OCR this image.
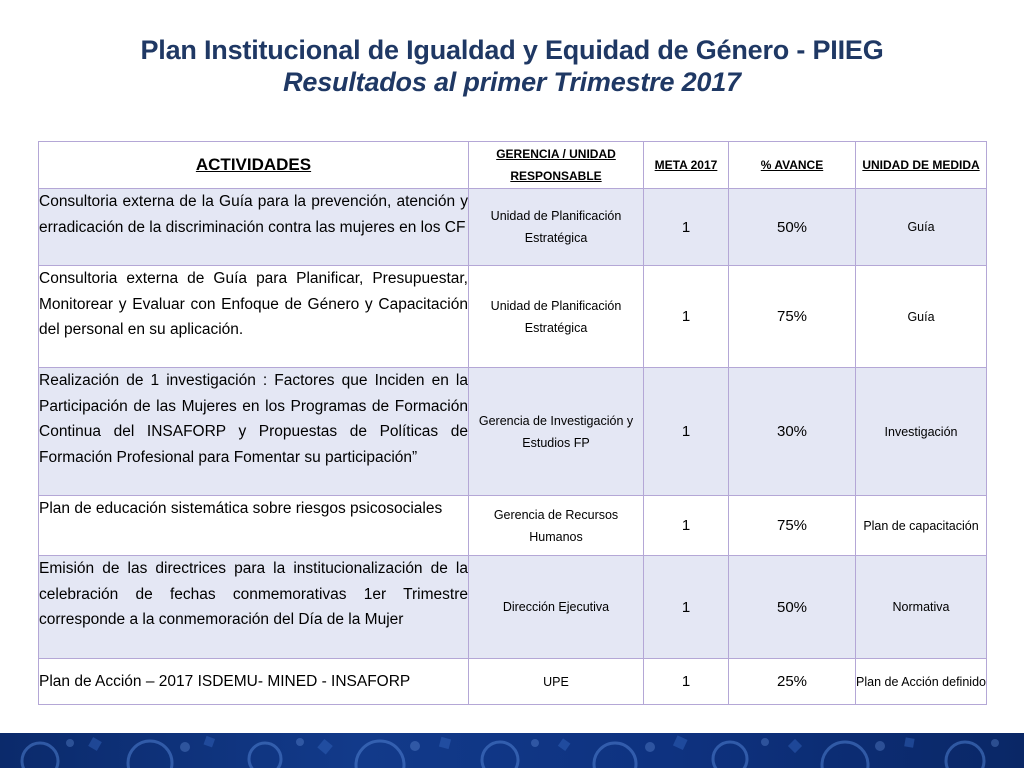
Plan Institucional de Igualdad y Equidad de Género - PIIEG
Resultados al primer Trimestre 2017
ACTIVIDADES	GERENCIA / UNIDAD RESPONSABLE	META 2017	% AVANCE	UNIDAD DE MEDIDA
Consultoria externa de la Guía para la prevención, atención y erradicación de la discriminación contra las mujeres en los CF	Unidad de Planificación Estratégica	1	50%	Guía
Consultoria externa de Guía para Planificar, Presupuestar, Monitorear y Evaluar con Enfoque de Género y Capacitación del personal en su aplicación.	Unidad de Planificación Estratégica	1	75%	Guía
Realización de 1 investigación : Factores que Inciden en la Participación de las Mujeres en los Programas de Formación Continua del INSAFORP y Propuestas de Políticas de Formación Profesional para Fomentar su participación”	Gerencia de Investigación y Estudios FP	1	30%	Investigación
Plan de educación sistemática sobre riesgos psicosociales	Gerencia de Recursos Humanos	1	75%	Plan de capacitación
Emisión de las directrices para la institucionalización de la celebración de fechas conmemorativas 1er Trimestre corresponde a la conmemoración del Día de la Mujer	Dirección Ejecutiva	1	50%	Normativa
Plan de Acción – 2017 ISDEMU- MINED - INSAFORP	UPE	1	25%	Plan de Acción definido
